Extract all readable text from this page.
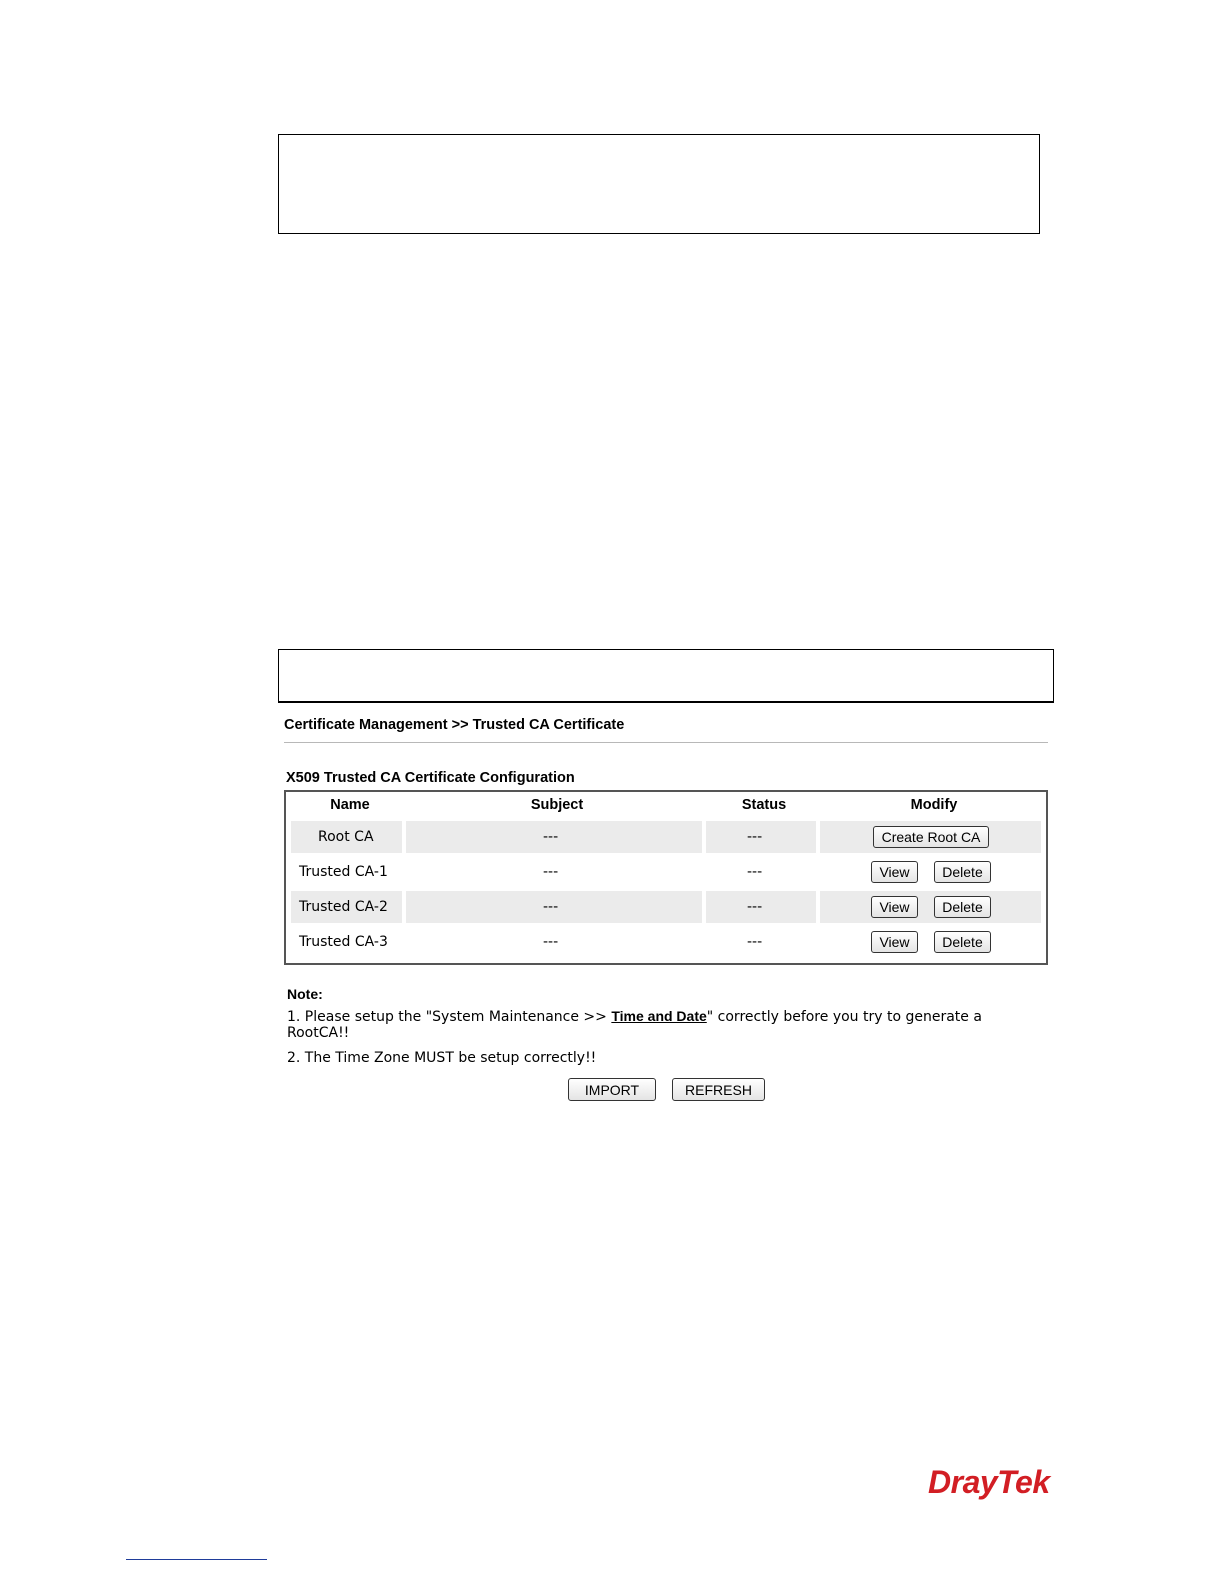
Certificate Management >> Trusted CA Certificate
X509 Trusted CA Certificate Configuration
Name	Subject	Status	Modify
Root CA	---	---	Create Root CA
Trusted CA-1	---	---	View	Delete
Trusted CA-2	---	---	View	Delete
Trusted CA-3	---	---	View	Delete
Note:
1. Please setup the "System Maintenance >> Time and Date" correctly before you try to generate a
RootCA!!
2. The Time Zone MUST be setup correctly!!
IMPORT	REFRESH
DrayTek
